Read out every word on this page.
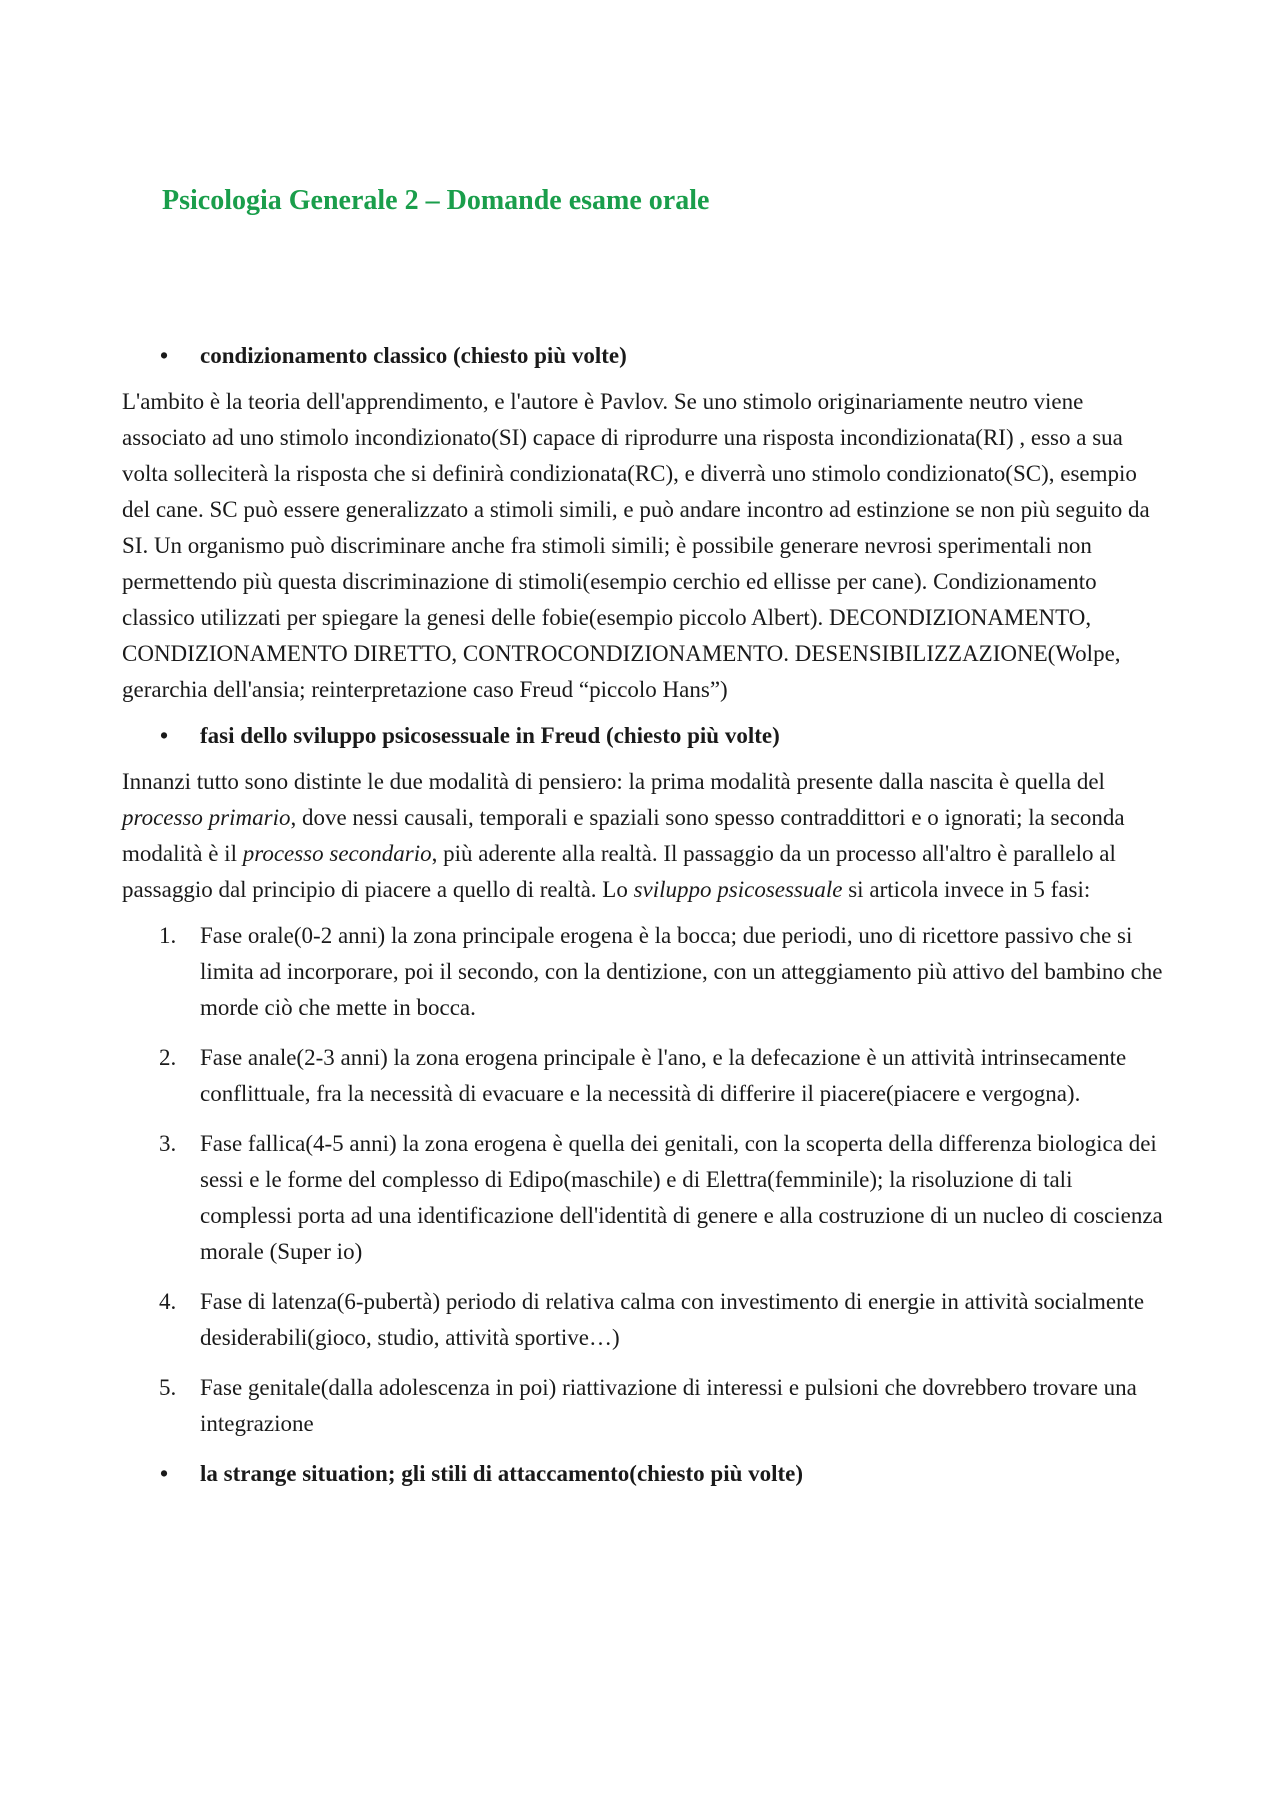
Psicologia Generale 2 – Domande esame orale
• condizionamento classico (chiesto più volte)

L'ambito è la teoria dell'apprendimento, e l'autore è Pavlov. Se uno stimolo originariamente neutro viene associato ad uno stimolo incondizionato(SI) capace di riprodurre una risposta incondizionata(RI) , esso a sua volta solleciterà la risposta che si definirà condizionata(RC), e diverrà uno stimolo condizionato(SC), esempio del cane. SC può essere generalizzato a stimoli simili, e può andare incontro ad estinzione se non più seguito da SI. Un organismo può discriminare anche fra stimoli simili; è possibile generare nevrosi sperimentali non permettendo più questa discriminazione di stimoli(esempio cerchio ed ellisse per cane). Condizionamento classico utilizzati per spiegare la genesi delle fobie(esempio piccolo Albert). DECONDIZIONAMENTO, CONDIZIONAMENTO DIRETTO, CONTROCONDIZIONAMENTO. DESENSIBILIZZAZIONE(Wolpe, gerarchia dell'ansia; reinterpretazione caso Freud “piccolo Hans”)

• fasi dello sviluppo psicosessuale in Freud (chiesto più volte)

Innanzi tutto sono distinte le due modalità di pensiero: la prima modalità presente dalla nascita è quella del processo primario, dove nessi causali, temporali e spaziali sono spesso contraddittori e o ignorati; la seconda modalità è il processo secondario, più aderente alla realtà. Il passaggio da un processo all'altro è parallelo al passaggio dal principio di piacere a quello di realtà. Lo sviluppo psicosessuale si articola invece in 5 fasi:

1. Fase orale(0-2 anni) la zona principale erogena è la bocca; due periodi, uno di ricettore passivo che si limita ad incorporare, poi il secondo, con la dentizione, con un atteggiamento più attivo del bambino che morde ciò che mette in bocca.
2. Fase anale(2-3 anni) la zona erogena principale è l'ano, e la defecazione è un attività intrinsecamente conflittuale, fra la necessità di evacuare e la necessità di differire il piacere(piacere e vergogna).
3. Fase fallica(4-5 anni) la zona erogena è quella dei genitali, con la scoperta della differenza biologica dei sessi e le forme del complesso di Edipo(maschile) e di Elettra(femminile); la risoluzione di tali complessi porta ad una identificazione dell'identità di genere e alla costruzione di un nucleo di coscienza morale (Super io)
4. Fase di latenza(6-pubertà) periodo di relativa calma con investimento di energie in attività socialmente desiderabili(gioco, studio, attività sportive…)
5. Fase genitale(dalla adolescenza in poi) riattivazione di interessi e pulsioni che dovrebbero trovare una integrazione
• la strange situation; gli stili di attaccamento(chiesto più volte)
